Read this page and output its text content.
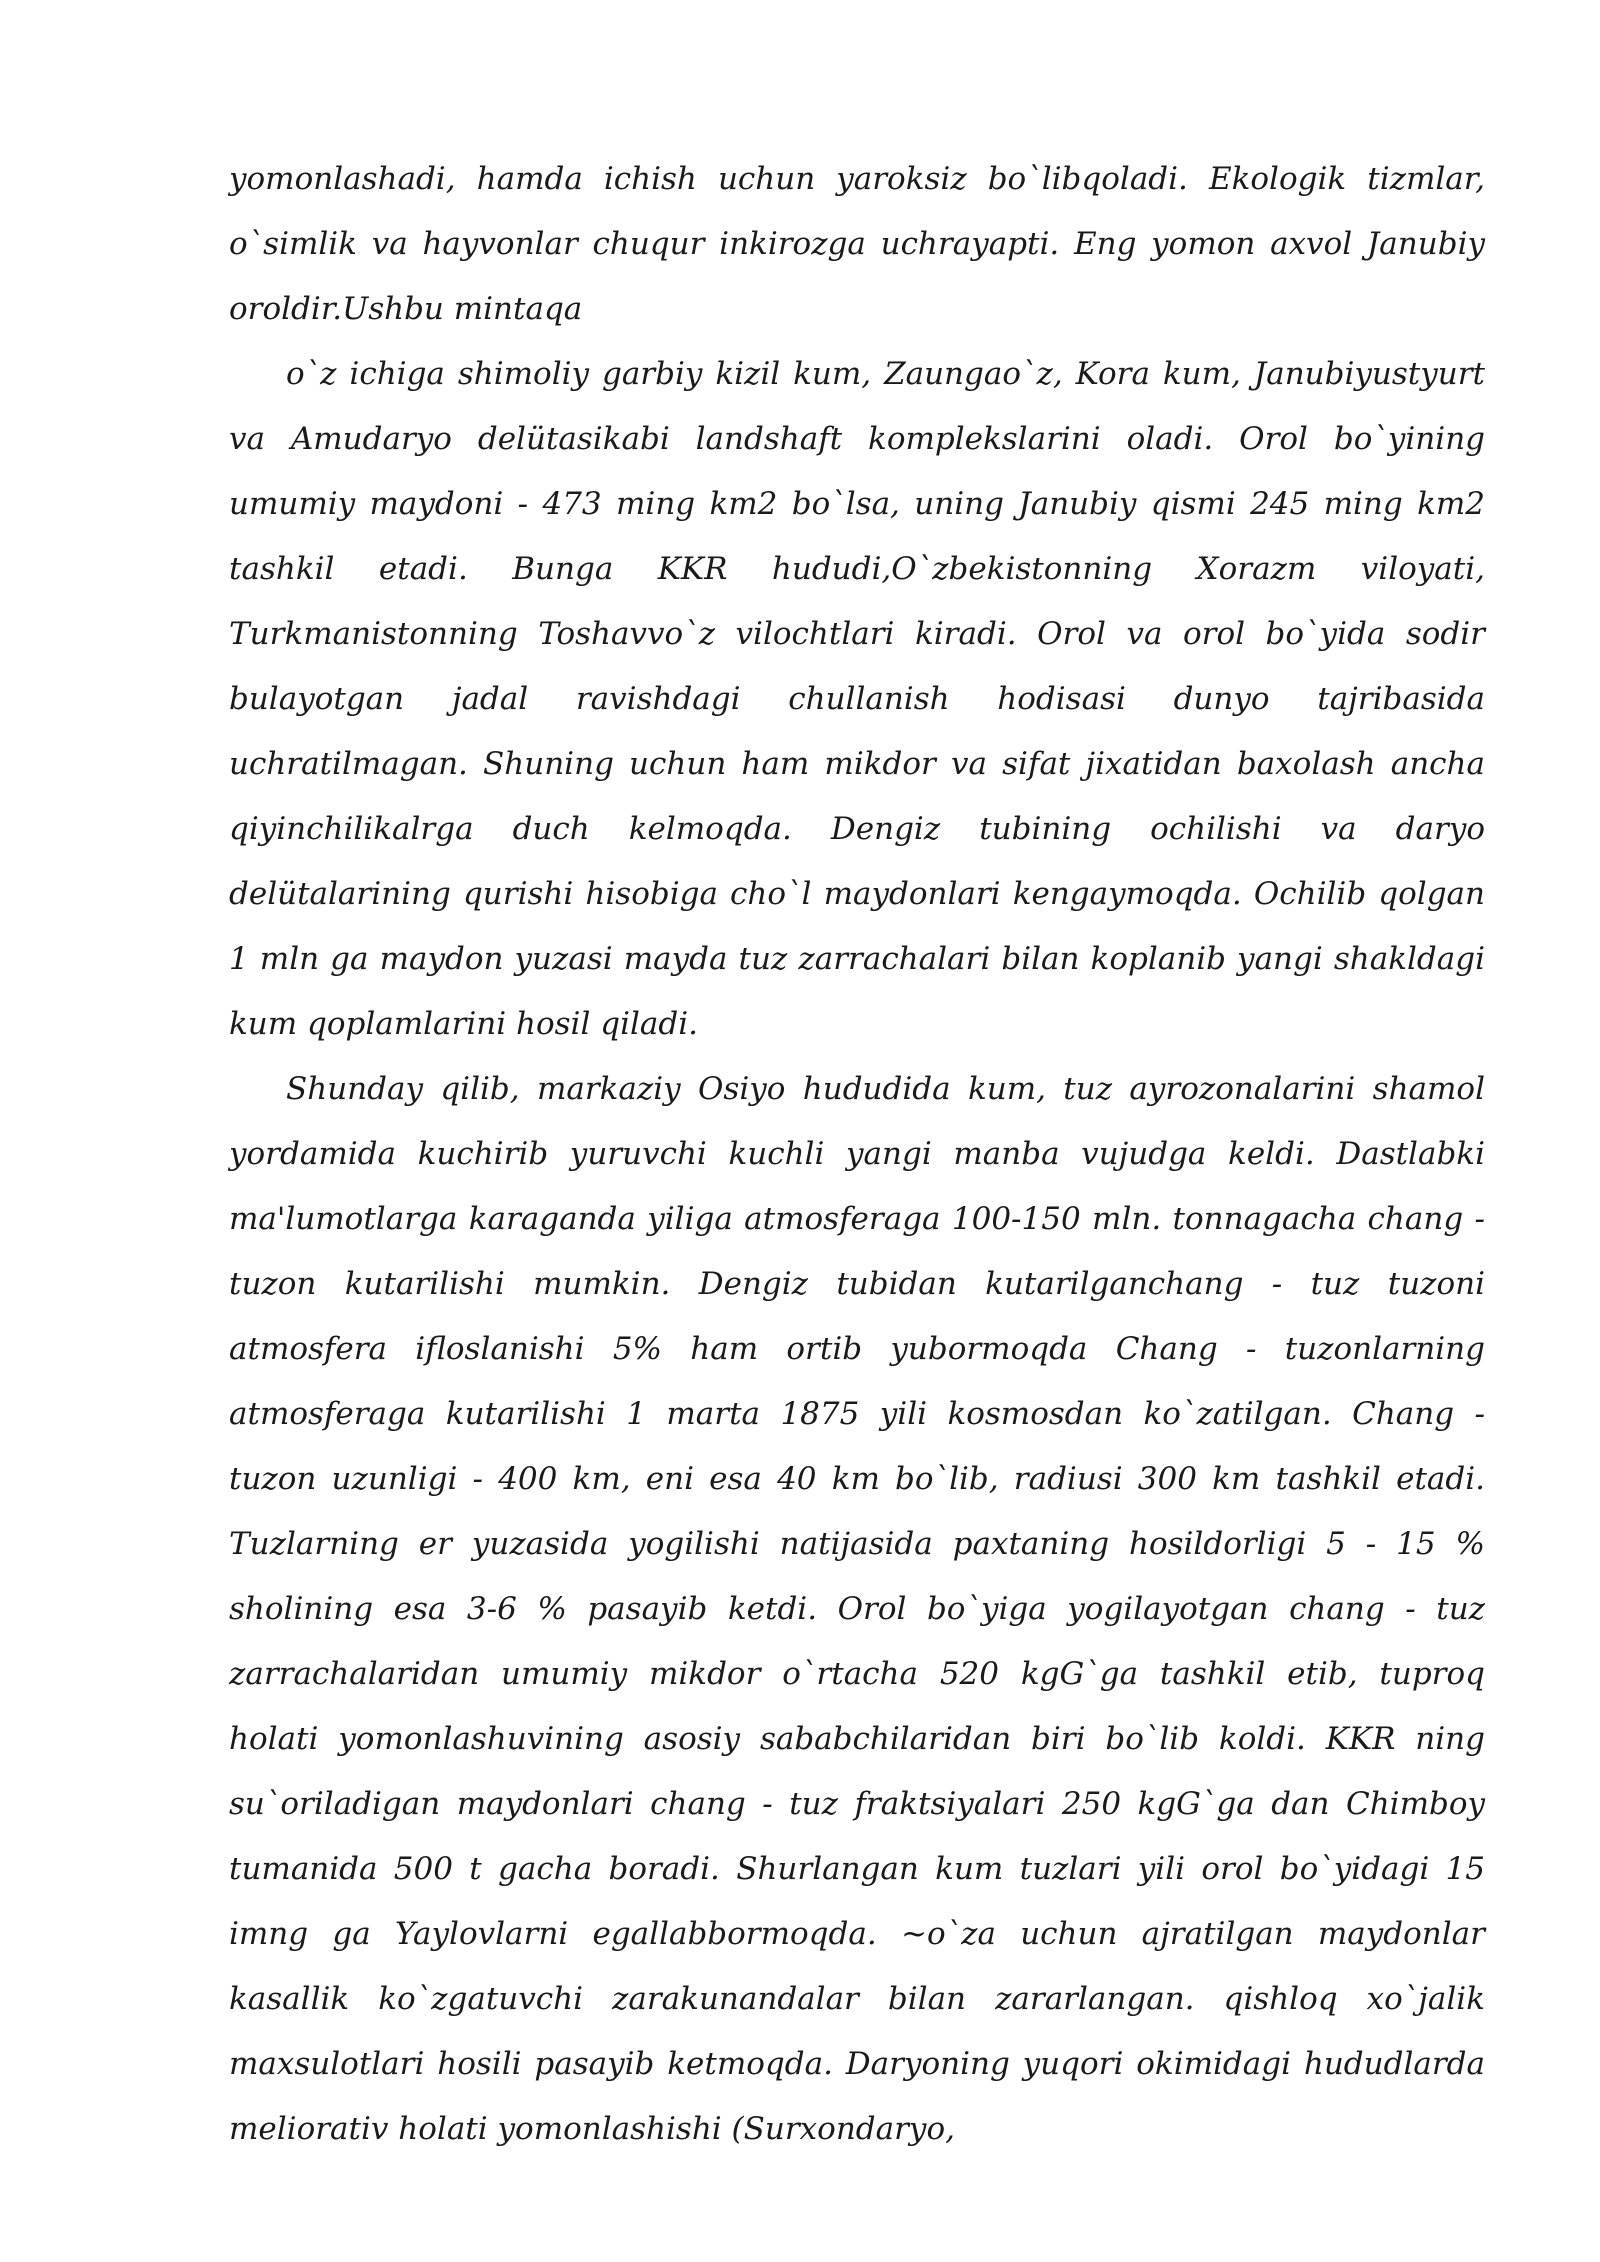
yomonlashadi, hamda ichish uchun yaroksiz bo`libqoladi. Ekologik tizmlar, o`simlik va hayvonlar chuqur inkirozga uchrayapti. Eng yomon axvol Janubiy oroldir.Ushbu mintaqa

o`z ichiga shimoliy garbiy kizil kum, Zaungao`z, Kora kum, Janubiyustyurt va Amudaryo delütasikabi landshaft komplekslarini oladi. Orol bo`yining umumiy maydoni - 473 ming km2 bo`lsa, uning Janubiy qismi 245 ming km2 tashkil etadi. Bunga KKR hududi,O`zbekistonning Xorazm viloyati, Turkmanistonning Toshavvo`z vilochtlari kiradi. Orol va orol bo`yida sodir bulayotgan jadal ravishdagi chullanish hodisasi dunyo tajribasida uchratilmagan. Shuning uchun ham mikdor va sifat jixatidan baxolash ancha qiyinchilikalrga duch kelmoqda. Dengiz tubining ochilishi va daryo delütalarining qurishi hisobiga cho`l maydonlari kengaymoqda. Ochilib qolgan 1 mln ga maydon yuzasi mayda tuz zarrachalari bilan koplanib yangi shakldagi kum qoplamlarini hosil qiladi.

Shunday qilib, markaziy Osiyo hududida kum, tuz ayrozonalarini shamol yordamida kuchirib yuruvchi kuchli yangi manba vujudga keldi. Dastlabki ma'lumotlarga karaganda yiliga atmosferaga 100-150 mln. tonnagacha chang - tuzon kutarilishi mumkin. Dengiz tubidan kutarilganchang - tuz tuzoni atmosfera ifloslanishi 5% ham ortib yubormoqda Chang - tuzonlarning atmosferaga kutarilishi 1 marta 1875 yili kosmosdan ko`zatilgan. Chang - tuzon uzunligi - 400 km, eni esa 40 km bo`lib, radiusi 300 km tashkil etadi. Tuzlarning er yuzasida yogilishi natijasida paxtaning hosildorligi 5 - 15 % sholining esa 3-6 % pasayib ketdi. Orol bo`yiga yogilayotgan chang - tuz zarrachalaridan umumiy mikdor o`rtacha 520 kgG`ga tashkil etib, tuproq holati yomonlashuvining asosiy sababchilaridan biri bo`lib koldi. KKR ning su`oriladigan maydonlari chang - tuz fraktsiyalari 250 kgG`ga dan Chimboy tumanida 500 t gacha boradi. Shurlangan kum tuzlari yili orol bo`yidagi 15 imng ga Yaylovlarni egallabbormoqda. ~o`za uchun ajratilgan maydonlar kasallik ko`zgatuvchi zarakunandalar bilan zararlangan. qishloq xo`jalik maxsulotlari hosili pasayib ketmoqda. Daryoning yuqori okimidagi hududlarda meliorativ holati yomonlashishi (Surxondaryo,
